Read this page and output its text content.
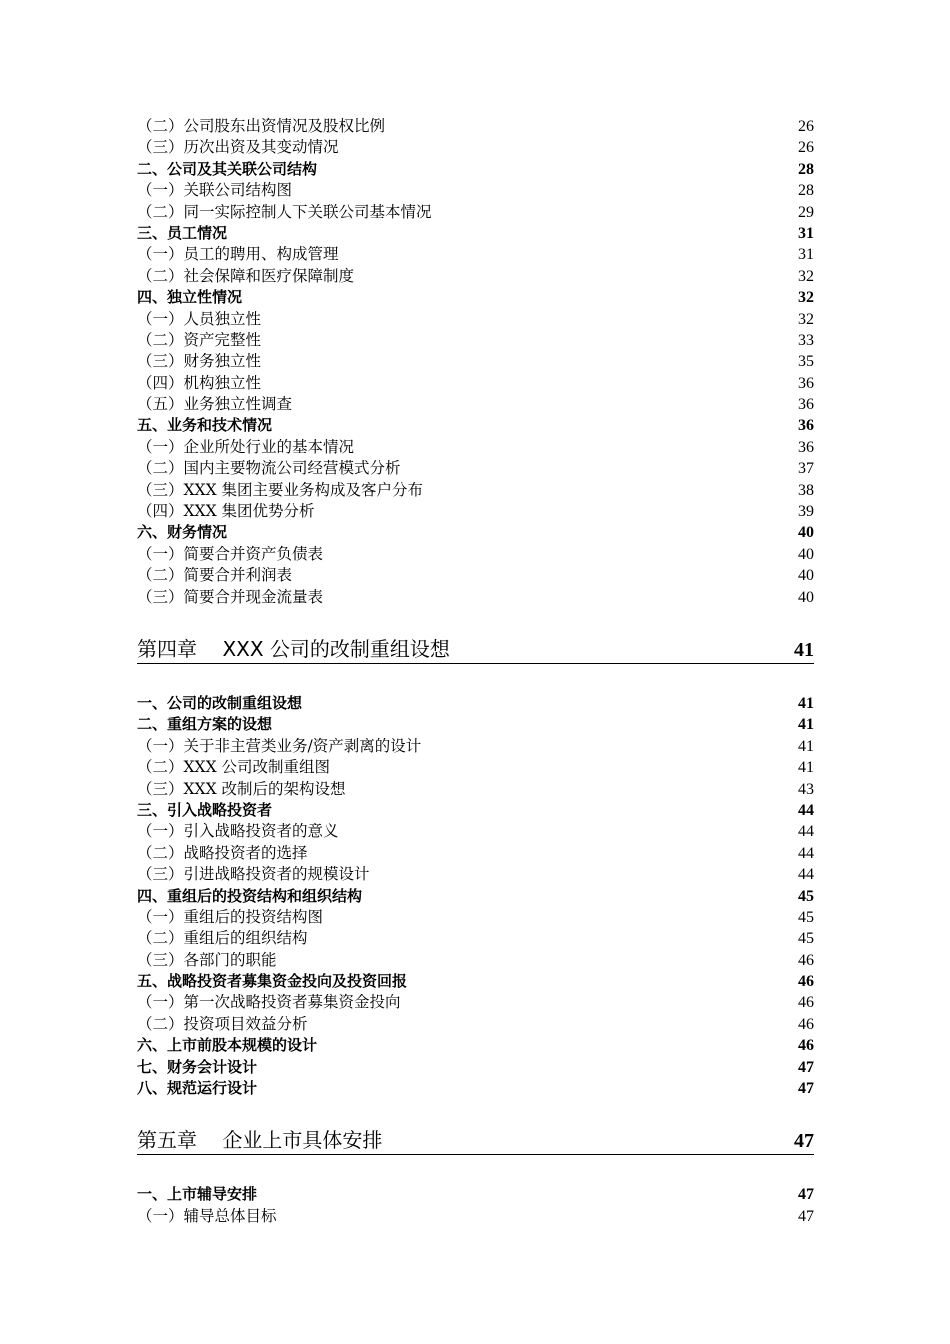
（二）公司股东出资情况及股权比例	26
（三）历次出资及其变动情况	26
二、公司及其关联公司结构	28
（一）关联公司结构图	28
（二）同一实际控制人下关联公司基本情况	29
三、员工情况	31
（一）员工的聘用、构成管理	31
（二）社会保障和医疗保障制度	32
四、独立性情况	32
（一）人员独立性	32
（二）资产完整性	33
（三）财务独立性	35
（四）机构独立性	36
（五）业务独立性调查	36
五、业务和技术情况	36
（一）企业所处行业的基本情况	36
（二）国内主要物流公司经营模式分析	37
（三）XXX 集团主要业务构成及客户分布	38
（四）XXX 集团优势分析	39
六、财务情况	40
（一）简要合并资产负债表	40
（二）简要合并利润表	40
（三）简要合并现金流量表	40
第四章 XXX 公司的改制重组设想	41
一、公司的改制重组设想	41
二、重组方案的设想	41
（一）关于非主营类业务/资产剥离的设计	41
（二）XXX 公司改制重组图	41
（三）XXX 改制后的架构设想	43
三、引入战略投资者	44
（一）引入战略投资者的意义	44
（二）战略投资者的选择	44
（三）引进战略投资者的规模设计	44
四、重组后的投资结构和组织结构	45
（一）重组后的投资结构图	45
（二）重组后的组织结构	45
（三）各部门的职能	46
五、战略投资者募集资金投向及投资回报	46
（一）第一次战略投资者募集资金投向	46
（二）投资项目效益分析	46
六、上市前股本规模的设计	46
七、财务会计设计	47
八、规范运行设计	47
第五章 企业上市具体安排	47
一、上市辅导安排	47
（一）辅导总体目标	47
